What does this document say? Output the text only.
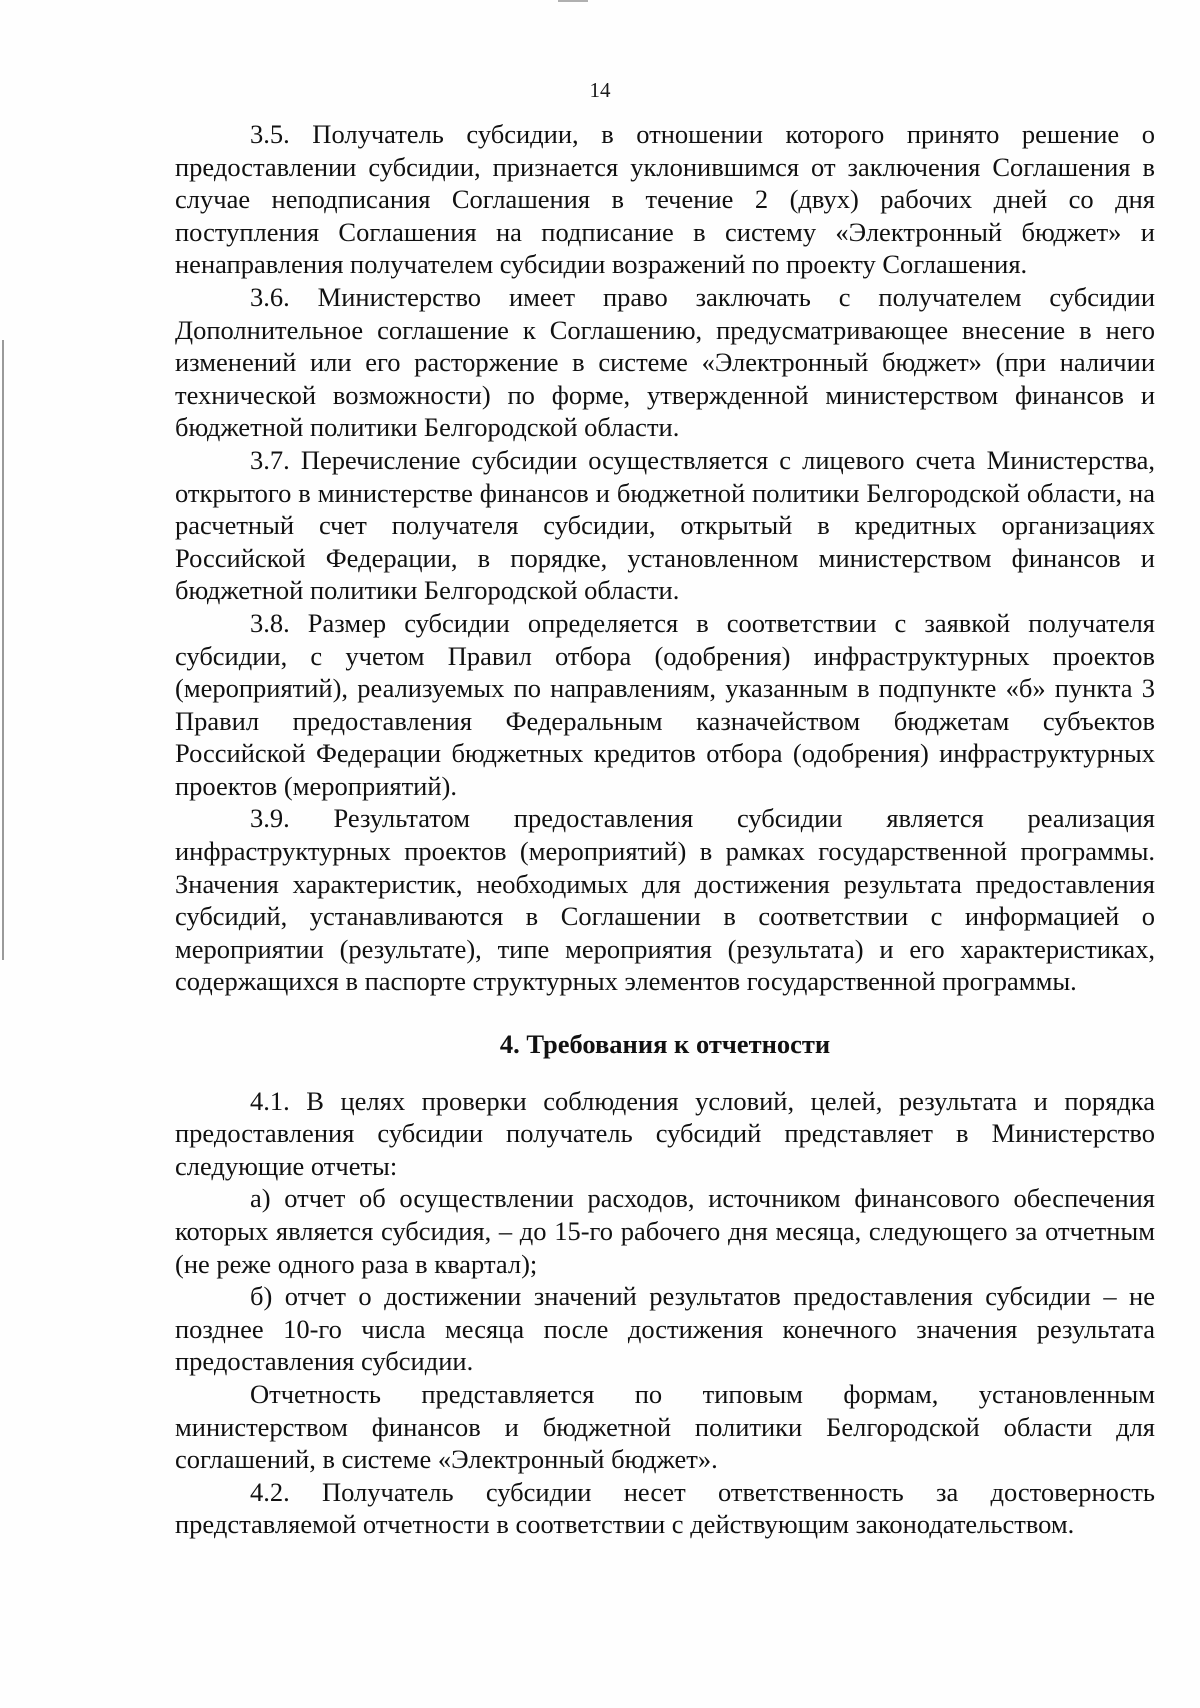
14

3.5. Получатель субсидии, в отношении которого принято решение о предоставлении субсидии, признается уклонившимся от заключения Соглашения в случае неподписания Соглашения в течение 2 (двух) рабочих дней со дня поступления Соглашения на подписание в систему «Электронный бюджет» и ненаправления получателем субсидии возражений по проекту Соглашения.

3.6. Министерство имеет право заключать с получателем субсидии Дополнительное соглашение к Соглашению, предусматривающее внесение в него изменений или его расторжение в системе «Электронный бюджет» (при наличии технической возможности) по форме, утвержденной министерством финансов и бюджетной политики Белгородской области.

3.7. Перечисление субсидии осуществляется с лицевого счета Министерства, открытого в министерстве финансов и бюджетной политики Белгородской области, на расчетный счет получателя субсидии, открытый в кредитных организациях Российской Федерации, в порядке, установленном министерством финансов и бюджетной политики Белгородской области.

3.8. Размер субсидии определяется в соответствии с заявкой получателя субсидии, с учетом Правил отбора (одобрения) инфраструктурных проектов (мероприятий), реализуемых по направлениям, указанным в подпункте «б» пункта 3 Правил предоставления Федеральным казначейством бюджетам субъектов Российской Федерации бюджетных кредитов отбора (одобрения) инфраструктурных проектов (мероприятий).

3.9. Результатом предоставления субсидии является реализация инфраструктурных проектов (мероприятий) в рамках государственной программы. Значения характеристик, необходимых для достижения результата предоставления субсидий, устанавливаются в Соглашении в соответствии с информацией о мероприятии (результате), типе мероприятия (результата) и его характеристиках, содержащихся в паспорте структурных элементов государственной программы.

4. Требования к отчетности

4.1. В целях проверки соблюдения условий, целей, результата и порядка предоставления субсидии получатель субсидий представляет в Министерство следующие отчеты:

а) отчет об осуществлении расходов, источником финансового обеспечения которых является субсидия, – до 15-го рабочего дня месяца, следующего за отчетным (не реже одного раза в квартал);

б) отчет о достижении значений результатов предоставления субсидии – не позднее 10-го числа месяца после достижения конечного значения результата предоставления субсидии.

Отчетность представляется по типовым формам, установленным министерством финансов и бюджетной политики Белгородской области для соглашений, в системе «Электронный бюджет».

4.2. Получатель субсидии несет ответственность за достоверность представляемой отчетности в соответствии с действующим законодательством.
